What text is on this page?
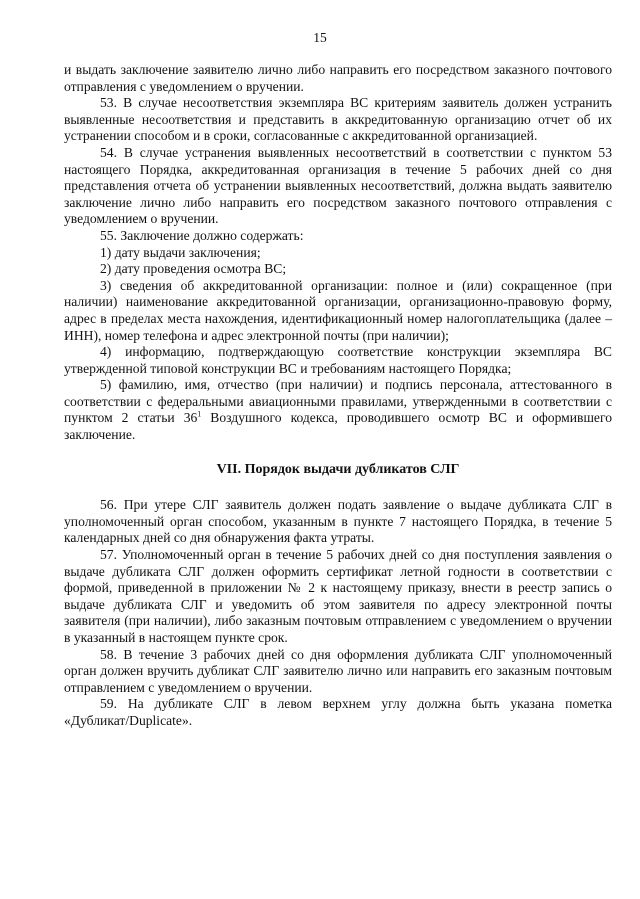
15

и выдать заключение заявителю лично либо направить его посредством заказного почтового отправления с уведомлением о вручении.

53. В случае несоответствия экземпляра ВС критериям заявитель должен устранить выявленные несоответствия и представить в аккредитованную организацию отчет об их устранении способом и в сроки, согласованные с аккредитованной организацией.

54. В случае устранения выявленных несоответствий в соответствии с пунктом 53 настоящего Порядка, аккредитованная организация в течение 5 рабочих дней со дня представления отчета об устранении выявленных несоответствий, должна выдать заявителю заключение лично либо направить его посредством заказного почтового отправления с уведомлением о вручении.

55. Заключение должно содержать:

1) дату выдачи заключения;

2) дату проведения осмотра ВС;

3) сведения об аккредитованной организации: полное и (или) сокращенное (при наличии) наименование аккредитованной организации, организационно-правовую форму, адрес в пределах места нахождения, идентификационный номер налогоплательщика (далее – ИНН), номер телефона и адрес электронной почты (при наличии);

4) информацию, подтверждающую соответствие конструкции экземпляра ВС утвержденной типовой конструкции ВС и требованиям настоящего Порядка;

5) фамилию, имя, отчество (при наличии) и подпись персонала, аттестованного в соответствии с федеральными авиационными правилами, утвержденными в соответствии с пунктом 2 статьи $36^1$ Воздушного кодекса, проводившего осмотр ВС и оформившего заключение.

VII. Порядок выдачи дубликатов СЛГ

56. При утере СЛГ заявитель должен подать заявление о выдаче дубликата СЛГ в уполномоченный орган способом, указанным в пункте 7 настоящего Порядка, в течение 5 календарных дней со дня обнаружения факта утраты.

57. Уполномоченный орган в течение 5 рабочих дней со дня поступления заявления о выдаче дубликата СЛГ должен оформить сертификат летной годности в соответствии с формой, приведенной в приложении № 2 к настоящему приказу, внести в реестр запись о выдаче дубликата СЛГ и уведомить об этом заявителя по адресу электронной почты заявителя (при наличии), либо заказным почтовым отправлением с уведомлением о вручении в указанный в настоящем пункте срок.

58. В течение 3 рабочих дней со дня оформления дубликата СЛГ уполномоченный орган должен вручить дубликат СЛГ заявителю лично или направить его заказным почтовым отправлением с уведомлением о вручении.

59. На дубликате СЛГ в левом верхнем углу должна быть указана пометка «Дубликат/Duplicate».
